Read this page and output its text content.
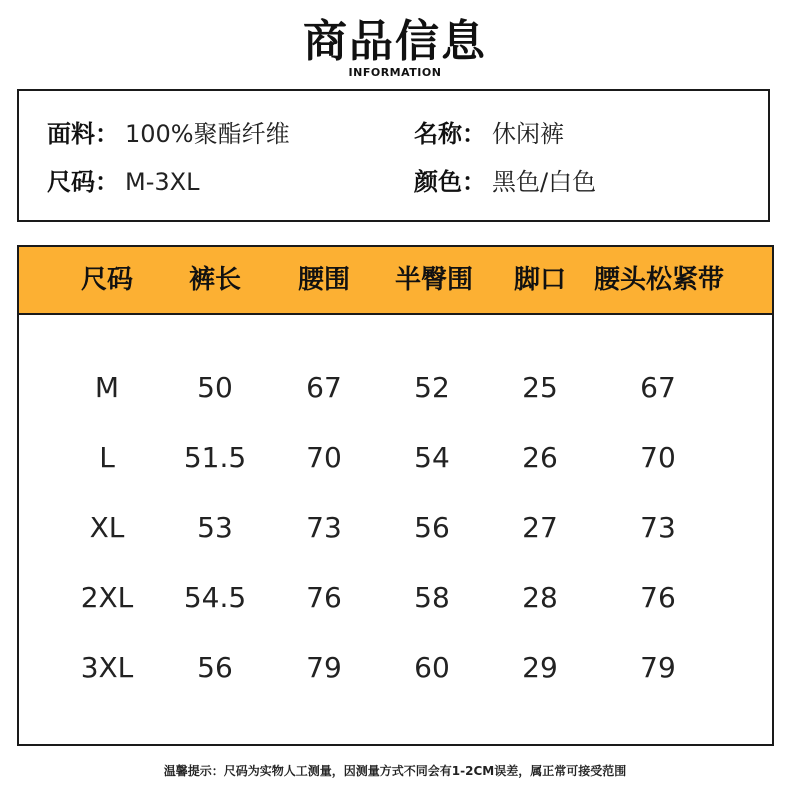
商品信息
INFORMATION
面料： 100%聚酯纤维	名称： 休闲裤
尺码： M-3XL	颜色： 黑色/白色
尺码	裤长	腰围	半臀围	脚口	腰头松紧带
M	50	67	52	25	67
L	51.5	70	54	26	70
XL	53	73	56	27	73
2XL	54.5	76	58	28	76
3XL	56	79	60	29	79
温馨提示：尺码为实物人工测量，因测量方式不同会有1-2CM误差，属正常可接受范围
